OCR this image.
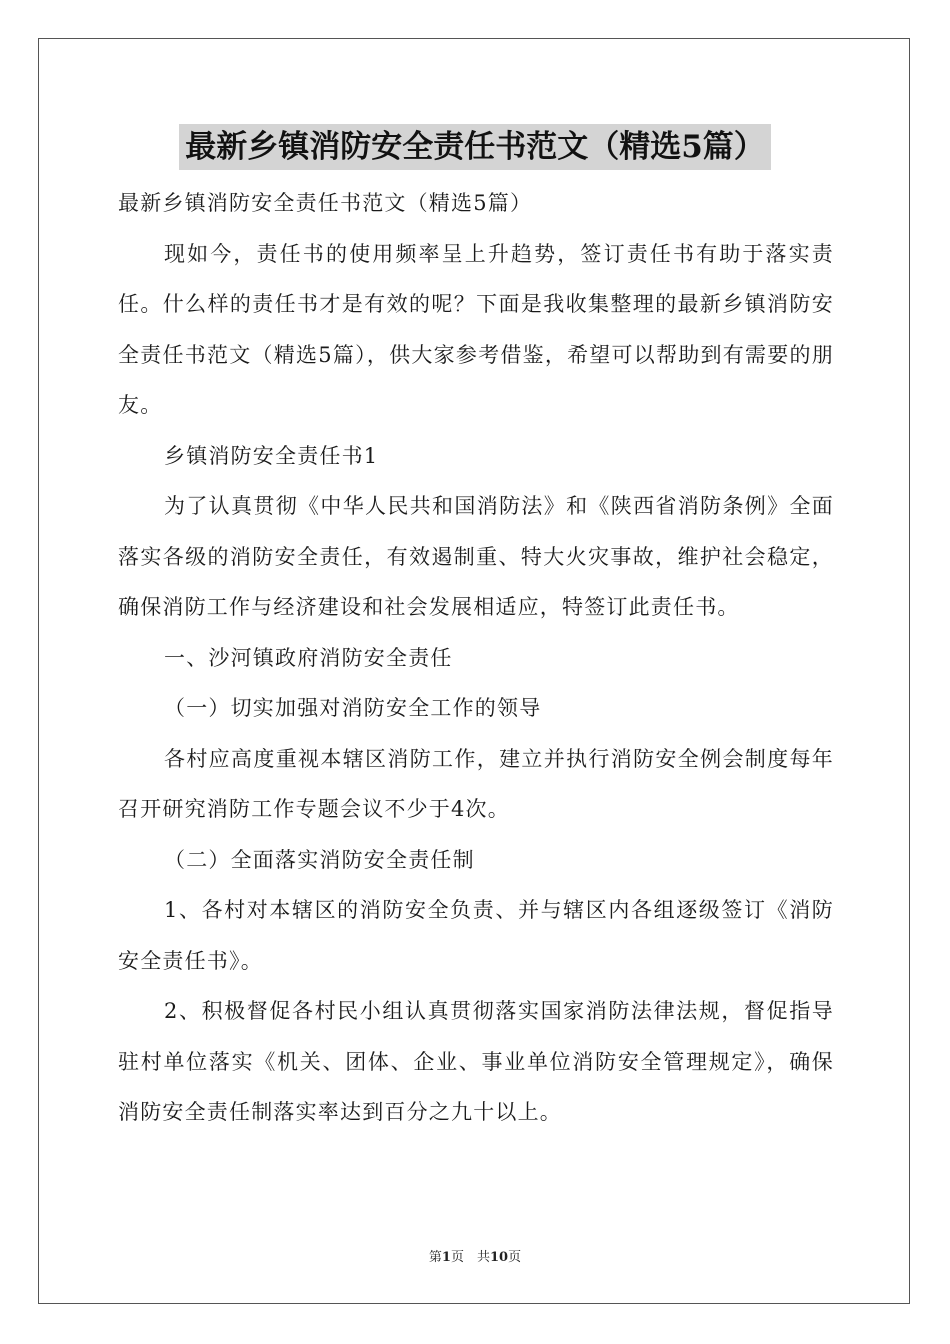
最新乡镇消防安全责任书范文（精选5篇）

最新乡镇消防安全责任书范文（精选5篇）

现如今，责任书的使用频率呈上升趋势，签订责任书有助于落实责任。什么样的责任书才是有效的呢？下面是我收集整理的最新乡镇消防安全责任书范文（精选5篇），供大家参考借鉴，希望可以帮助到有需要的朋友。

乡镇消防安全责任书1

为了认真贯彻《中华人民共和国消防法》和《陕西省消防条例》全面落实各级的消防安全责任，有效遏制重、特大火灾事故，维护社会稳定，确保消防工作与经济建设和社会发展相适应，特签订此责任书。

一、沙河镇政府消防安全责任

（一）切实加强对消防安全工作的领导

各村应高度重视本辖区消防工作，建立并执行消防安全例会制度每年召开研究消防工作专题会议不少于4次。

（二）全面落实消防安全责任制

1、各村对本辖区的消防安全负责、并与辖区内各组逐级签订《消防安全责任书》。

2、积极督促各村民小组认真贯彻落实国家消防法律法规，督促指导驻村单位落实《机关、团体、企业、事业单位消防安全管理规定》，确保消防安全责任制落实率达到百分之九十以上。

第1页　共10页
